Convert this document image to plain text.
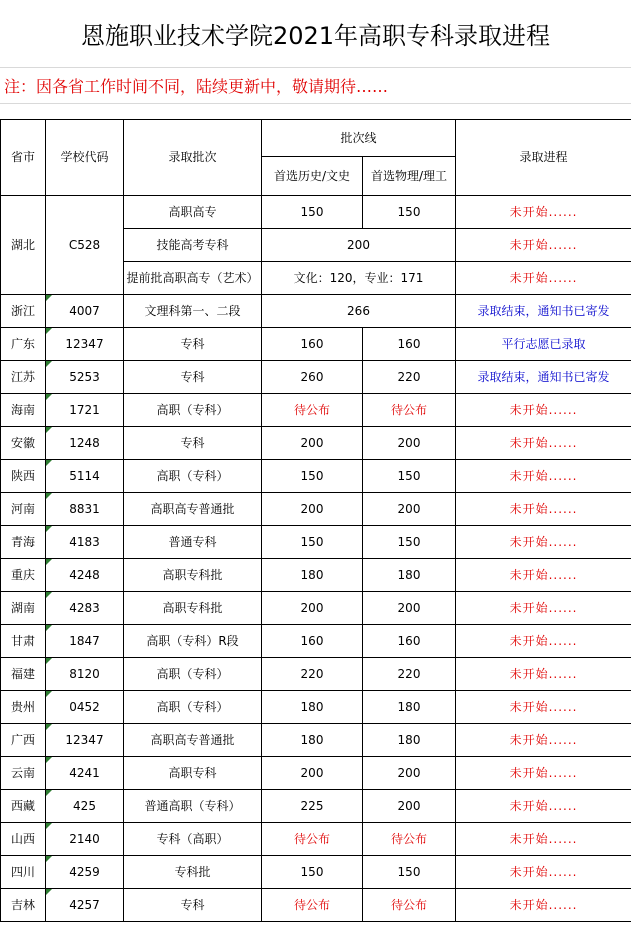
恩施职业技术学院2021年高职专科录取进程
注：因各省工作时间不同，陆续更新中，敬请期待……
省市	学校代码	录取批次	批次线		录取进程
			首选历史/文史	首选物理/理工	
湖北	C528	高职高专	150	150	未开始......
		技能高考专科	200		未开始......
		提前批高职高专（艺术）	文化：120，专业：171		未开始......
浙江	4007	文理科第一、二段	266		录取结束，通知书已寄发
广东	12347	专科	160	160	平行志愿已录取
江苏	5253	专科	260	220	录取结束，通知书已寄发
海南	1721	高职（专科）	待公布	待公布	未开始......
安徽	1248	专科	200	200	未开始......
陕西	5114	高职（专科）	150	150	未开始......
河南	8831	高职高专普通批	200	200	未开始......
青海	4183	普通专科	150	150	未开始......
重庆	4248	高职专科批	180	180	未开始......
湖南	4283	高职专科批	200	200	未开始......
甘肃	1847	高职（专科）R段	160	160	未开始......
福建	8120	高职（专科）	220	220	未开始......
贵州	0452	高职（专科）	180	180	未开始......
广西	12347	高职高专普通批	180	180	未开始......
云南	4241	高职专科	200	200	未开始......
西藏	425	普通高职（专科）	225	200	未开始......
山西	2140	专科（高职）	待公布	待公布	未开始......
四川	4259	专科批	150	150	未开始......
吉林	4257	专科	待公布	待公布	未开始......
